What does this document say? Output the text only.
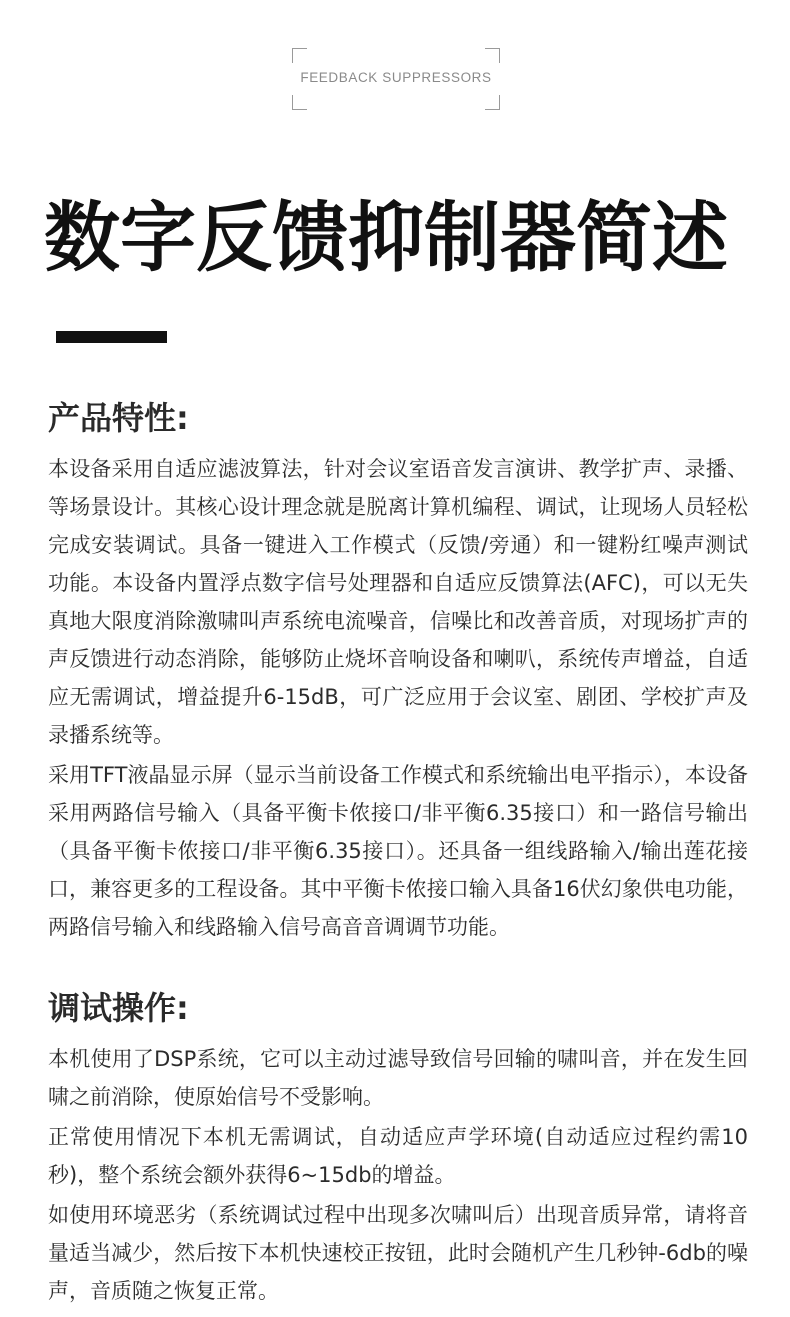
FEEDBACK SUPPRESSORS
数字反馈抑制器简述
产品特性:

本设备采用自适应滤波算法，针对会议室语音发言演讲、教学扩声、录播、等场景设计。其核心设计理念就是脱离计算机编程、调试，让现场人员轻松完成安装调试。具备一键进入工作模式（反馈/旁通）和一键粉红噪声测试功能。本设备内置浮点数字信号处理器和自适应反馈算法(AFC)，可以无失真地大限度消除激啸叫声系统电流噪音，信噪比和改善音质，对现场扩声的声反馈进行动态消除，能够防止烧坏音响设备和喇叭，系统传声增益，自适应无需调试，增益提升6-15dB，可广泛应用于会议室、剧团、学校扩声及录播系统等。

采用TFT液晶显示屏（显示当前设备工作模式和系统输出电平指示），本设备采用两路信号输入（具备平衡卡侬接口/非平衡6.35接口）和一路信号输出（具备平衡卡侬接口/非平衡6.35接口）。还具备一组线路输入/输出莲花接口，兼容更多的工程设备。其中平衡卡侬接口输入具备16伏幻象供电功能，两路信号输入和线路输入信号高音音调调节功能。

调试操作:

本机使用了DSP系统，它可以主动过滤导致信号回输的啸叫音，并在发生回啸之前消除，使原始信号不受影响。

正常使用情况下本机无需调试，自动适应声学环境(自动适应过程约需10秒)，整个系统会额外获得6~15db的增益。

如使用环境恶劣（系统调试过程中出现多次啸叫后）出现音质异常，请将音量适当减少，然后按下本机快速校正按钮，此时会随机产生几秒钟-6db的噪声，音质随之恢复正常。
